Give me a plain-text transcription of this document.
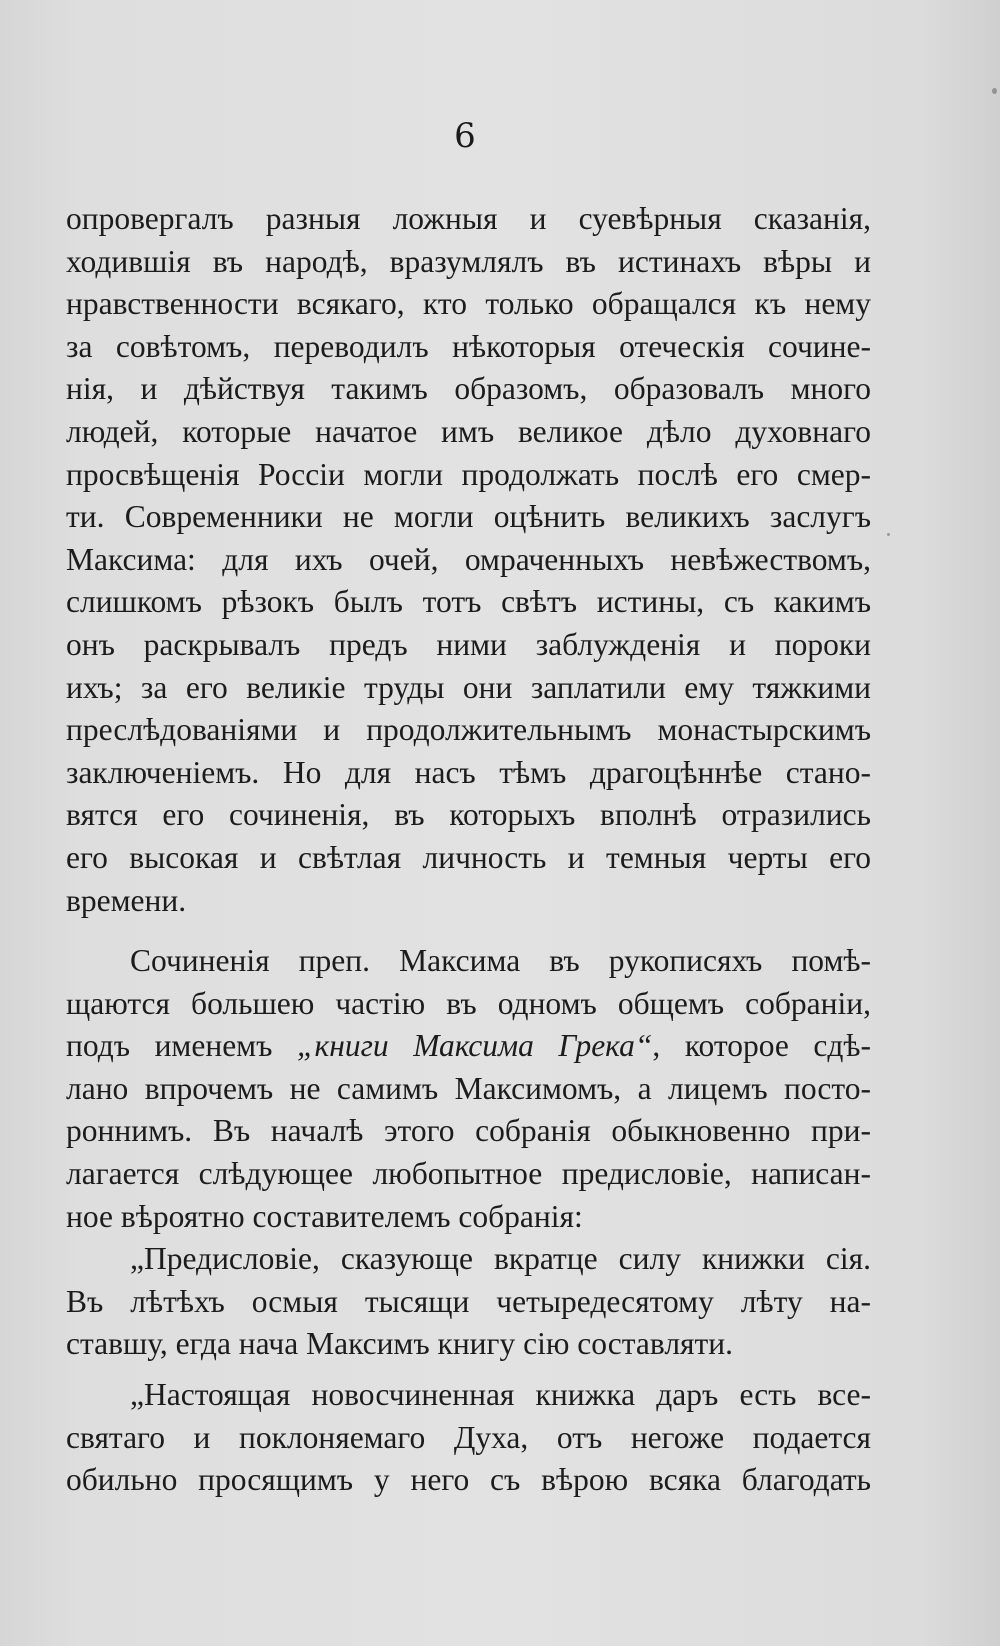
6
опровергалъ разныя ложныя и суевѣрныя сказанія,
ходившія въ народѣ, вразумлялъ въ истинахъ вѣры и
нравственности всякаго, кто только обращался къ нему
за совѣтомъ, переводилъ нѣкоторыя отеческія сочине-
нія, и дѣйствуя такимъ образомъ, образовалъ много
людей, которые начатое имъ великое дѣло духовнаго
просвѣщенія Россіи могли продолжать послѣ его смер-
ти. Современники не могли оцѣнить великихъ заслугъ
Максима: для ихъ очей, омраченныхъ невѣжествомъ,
слишкомъ рѣзокъ былъ тотъ свѣтъ истины, съ какимъ
онъ раскрывалъ предъ ними заблужденія и пороки
ихъ; за его великіе труды они заплатили ему тяжкими
преслѣдованіями и продолжительнымъ монастырскимъ
заключеніемъ. Но для насъ тѣмъ драгоцѣннѣе стано-
вятся его сочиненія, въ которыхъ вполнѣ отразились
его высокая и свѣтлая личность и темныя черты его
времени.
Сочиненія преп. Максима въ рукописяхъ помѣ-
щаются большею частію въ одномъ общемъ собраніи,
подъ именемъ „книги Максима Грека“, которое сдѣ-
лано впрочемъ не самимъ Максимомъ, а лицемъ посто-
роннимъ. Въ началѣ этого собранія обыкновенно при-
лагается слѣдующее любопытное предисловіе, написан-
ное вѣроятно составителемъ собранія:
„Предисловіе, сказующе вкратце силу книжки сія.
Въ лѣтѣхъ осмыя тысящи четыредесятому лѣту на-
ставшу, егда нача Максимъ книгу сію составляти.
„Настоящая новосчиненная книжка даръ есть все-
святаго и поклоняемаго Духа, отъ негоже подается
обильно просящимъ у него съ вѣрою всяка благодать
